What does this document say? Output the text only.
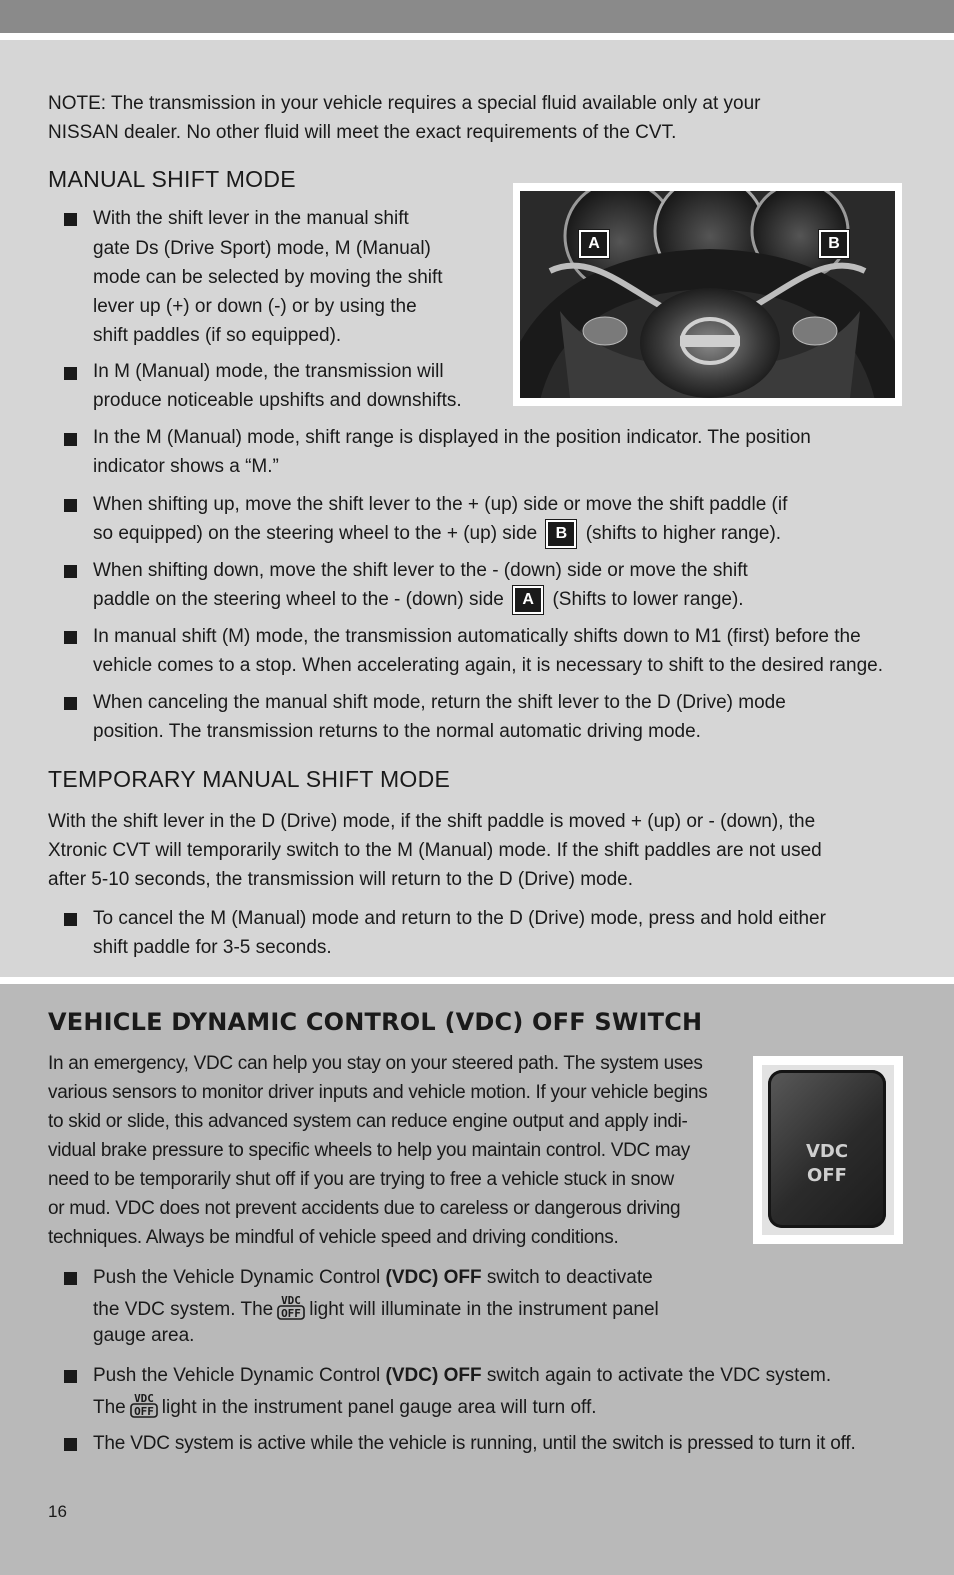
NOTE: The transmission in your vehicle requires a special fluid available only at your
NISSAN dealer. No other fluid will meet the exact requirements of the CVT.
MANUAL SHIFT MODE
A	B
With the shift lever in the manual shift
gate Ds (Drive Sport) mode, M (Manual)
mode can be selected by moving the shift
lever up (+) or down (-) or by using the
shift paddles (if so equipped).
In M (Manual) mode, the transmission will
produce noticeable upshifts and downshifts.
In the M (Manual) mode, shift range is displayed in the position indicator. The position
indicator shows a “M.”
When shifting up, move the shift lever to the + (up) side or move the shift paddle (if
so equipped) on the steering wheel to the + (up) side B (shifts to higher range).
When shifting down, move the shift lever to the - (down) side or move the shift
paddle on the steering wheel to the - (down) side A (Shifts to lower range).
In manual shift (M) mode, the transmission automatically shifts down to M1 (first) before the
vehicle comes to a stop. When accelerating again, it is necessary to shift to the desired range.
When canceling the manual shift mode, return the shift lever to the D (Drive) mode
position. The transmission returns to the normal automatic driving mode.
TEMPORARY MANUAL SHIFT MODE
With the shift lever in the D (Drive) mode, if the shift paddle is moved + (up) or - (down), the
Xtronic CVT will temporarily switch to the M (Manual) mode. If the shift paddles are not used
after 5-10 seconds, the transmission will return to the D (Drive) mode.
To cancel the M (Manual) mode and return to the D (Drive) mode, press and hold either
shift paddle for 3-5 seconds.
VEHICLE DYNAMIC CONTROL (VDC) OFF SWITCH
In an emergency, VDC can help you stay on your steered path. The system uses
various sensors to monitor driver inputs and vehicle motion. If your vehicle begins
to skid or slide, this advanced system can reduce engine output and apply indi-
vidual brake pressure to specific wheels to help you maintain control. VDC may
need to be temporarily shut off if you are trying to free a vehicle stuck in snow
or mud. VDC does not prevent accidents due to careless or dangerous driving
techniques. Always be mindful of vehicle speed and driving conditions.
VDC
OFF
Push the Vehicle Dynamic Control (VDC) OFF switch to deactivate
the VDC system. The VDC
OFF light will illuminate in the instrument panel
gauge area.
Push the Vehicle Dynamic Control (VDC) OFF switch again to activate the VDC system.
The VDC
OFF light in the instrument panel gauge area will turn off.
The VDC system is active while the vehicle is running, until the switch is pressed to turn it off.
16
